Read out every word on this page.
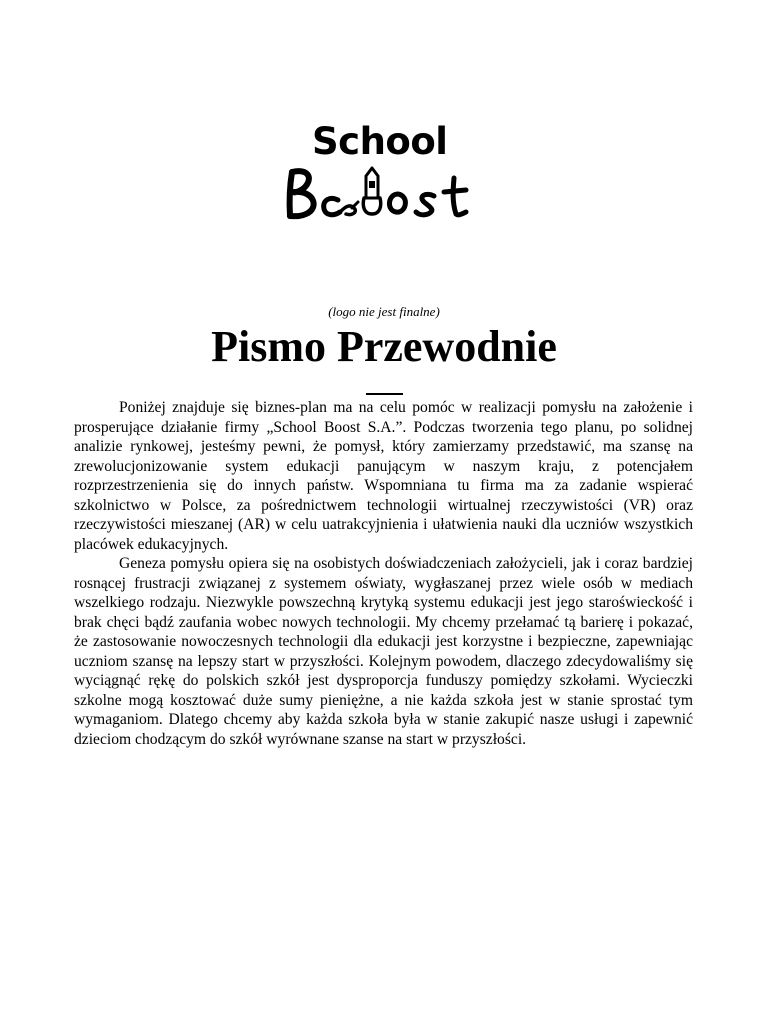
School
(logo nie jest finalne)
Pismo Przewodnie

Poniżej znajduje się biznes-plan ma na celu pomóc w realizacji pomysłu na założenie i prosperujące działanie firmy „School Boost S.A.”. Podczas tworzenia tego planu, po solidnej analizie rynkowej, jesteśmy pewni, że pomysł, który zamierzamy przedstawić, ma szansę na zrewolucjonizowanie system edukacji panującym w naszym kraju, z potencjałem rozprzestrzenienia się do innych państw. Wspomniana tu firma ma za zadanie wspierać szkolnictwo w Polsce, za pośrednictwem technologii wirtualnej rzeczywistości (VR) oraz rzeczywistości mieszanej (AR) w celu uatrakcyjnienia i ułatwienia nauki dla uczniów wszystkich placówek edukacyjnych.

Geneza pomysłu opiera się na osobistych doświadczeniach założycieli, jak i coraz bardziej rosnącej frustracji związanej z systemem oświaty, wygłaszanej przez wiele osób w mediach wszelkiego rodzaju. Niezwykle powszechną krytyką systemu edukacji jest jego staroświeckość i brak chęci bądź zaufania wobec nowych technologii. My chcemy przełamać tą barierę i pokazać, że zastosowanie nowoczesnych technologii dla edukacji jest korzystne i bezpieczne, zapewniając uczniom szansę na lepszy start w przyszłości. Kolejnym powodem, dlaczego zdecydowaliśmy się wyciągnąć rękę do polskich szkół jest dysproporcja funduszy pomiędzy szkołami. Wycieczki szkolne mogą kosztować duże sumy pieniężne, a nie każda szkoła jest w stanie sprostać tym wymaganiom. Dlatego chcemy aby każda szkoła była w stanie zakupić nasze usługi i zapewnić dzieciom chodzącym do szkół wyrównane szanse na start w przyszłości.
